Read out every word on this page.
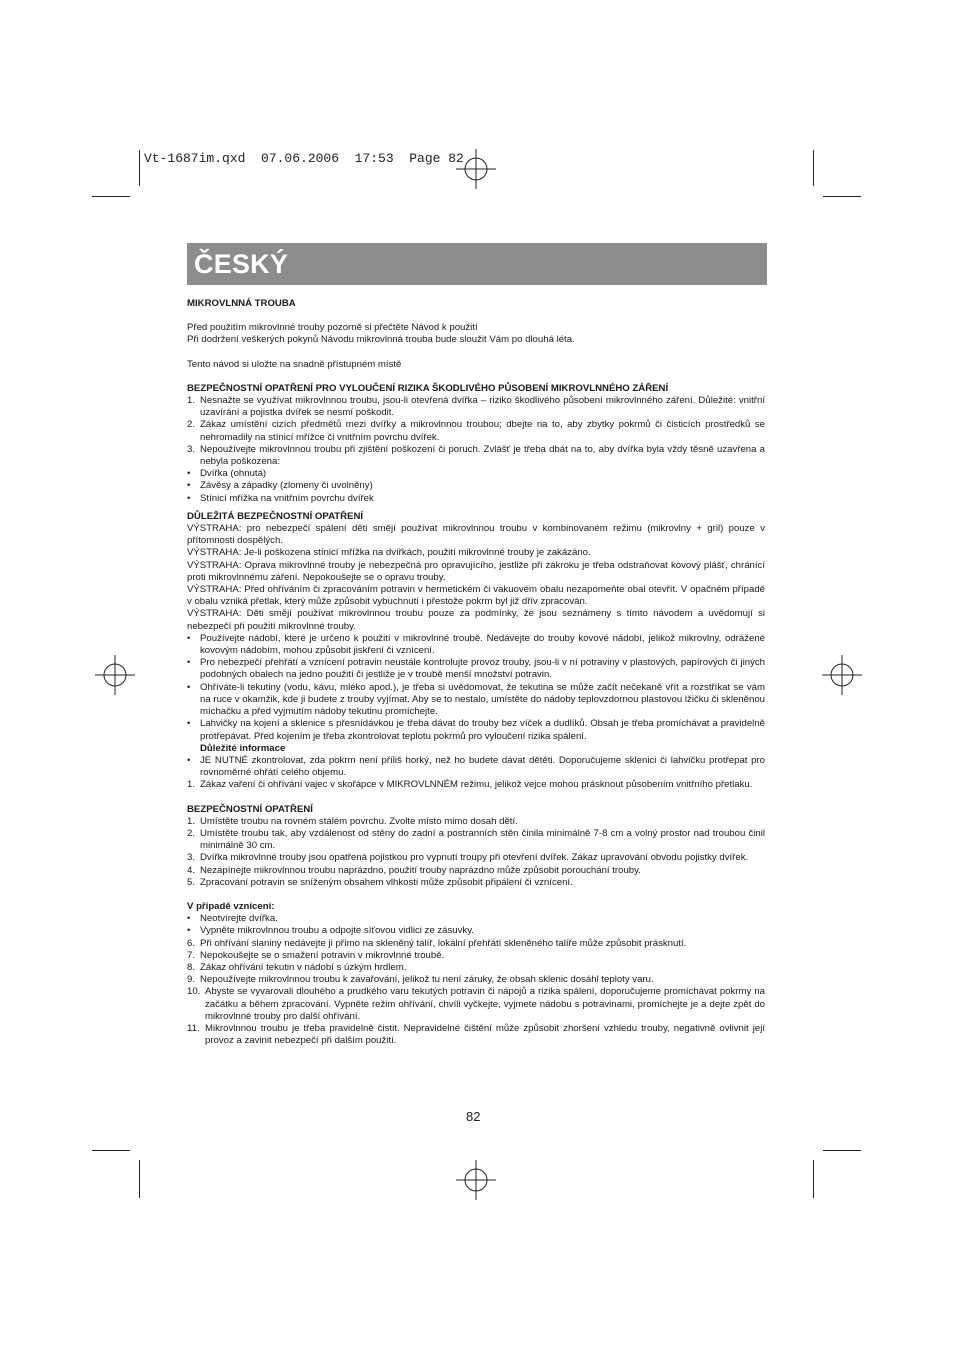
Vt-1687im.qxd  07.06.2006  17:53  Page 82
ČESKÝ

MIKROVLNNÁ TROUBA

Před použitím mikrovlnné trouby pozorně si přečtěte Návod k použití

Při dodržení veškerých pokynů Návodu mikrovlnná trouba bude sloužit Vám po dlouhá léta.

Tento návod si uložte na snadně přístupném místě

BEZPEČNOSTNÍ OPATŘENÍ PRO VYLOUČENÍ RIZIKA ŠKODLIVÉHO PŮSOBENÍ MIKROVLNNÉHO ZÁŘENÍ

1. Nesnažte se využívat mikrovlnnou troubu, jsou-li otevřená dvířka – riziko škodlivého působení mikrovlnného záření. Důležité: vnitřní uzavírání a pojistka dvířek se nesmí poškodit.
2. Zákaz umístění cizích předmětů mezi dvířky a mikrovlnnou troubou; dbejte na to, aby zbytky pokrmů či čisticích prostředků se nehromadily na stínicí mřížce či vnitřním povrchu dvířek.
3. Nepoužívejte mikrovlnnou troubu při zjištění poškození či poruch. Zvlášť je třeba dbát na to, aby dvířka byla vždy těsně uzavřena a nebyla poškozena:
•	Dvířka (ohnutá)
•	Závěsy a západky (zlomeny či uvolněny)
•	Stínicí mřížka na vnitřním povrchu dvířek

DŮLEŽITÁ BEZPEČNOSTNÍ OPATŘENÍ

VÝSTRAHA: pro nebezpečí spálení děti smějí používat mikrovlnnou troubu v kombinovaném režimu (mikrovlny + gril) pouze v přítomnosti dospělých.

VÝSTRAHA: Je-li poškozena stínicí mřížka na dvířkách, použití mikrovlnné trouby je zakázáno.

VÝSTRAHA: Oprava mikrovlnné trouby je nebezpečná pro opravujícího, jestliže při zákroku je třeba odstraňovat kovový plášť, chránící proti mikrovlnnému záření. Nepokoušejte se o opravu trouby.

VÝSTRAHA: Před ohříváním či zpracováním potravin v hermetickém či vakuovém obalu nezapomeňte obal otevřít. V opačném případě v obalu vzniká přetlak, který může způsobit vybuchnutí i přestože pokrm byl již dřív zpracován.

VÝSTRAHA: Děti smějí používat mikrovlnnou troubu pouze za podmínky, že jsou seznámeny s tímto návodem a uvědomují si nebezpečí při použití mikrovlnné trouby.

•	Používejte nádobí, které je určeno k použití v mikrovlnné troubě. Nedávejte do trouby kovové nádobí, jelikož mikrovlny, odrážené kovovým nádobím, mohou způsobit jiskření či vznícení.
•	Pro nebezpečí přehřátí a vznícení potravin neustále kontrolujte provoz trouby, jsou-li v ní potraviny v plastových, papírových či jiných podobných obalech na jedno použití či jestliže je v troubě menší množství potravin.
•	Ohříváte-li tekutiny (vodu, kávu, mléko apod.), je třeba si uvědomovat, že tekutina se může začít nečekaně vřít a rozstříkat se vám na ruce v okamžik, kde ji budete z trouby vyjímat. Aby se to nestalo, umístěte do nádoby teplovzdornou plastovou lžičku či skleněnou míchačku a před vyjmutím nádoby tekutinu promíchejte.
•	Lahvičky na kojení a sklenice s přesnídávkou je třeba dávat do trouby bez víček a dudlíků. Obsah je třeba promíchávat a pravidelně protřepávat. Před kojením je třeba zkontrolovat teplotu pokrmů pro vyloučení rizika spálení.
Důležité informace
•	JE NUTNÉ zkontrolovat, zda pokrm není příliš horký, než ho budete dávat dětěti. Doporučujeme sklenici či lahvičku protřepat pro rovnoměrné ohřátí celého objemu.
1. Zákaz vaření či ohřívání vajec v skořápce v MIKROVLNNÉM režimu, jelikož vejce mohou prásknout působením vnitřního přetlaku.

BEZPEČNOSTNÍ OPATŘENÍ

1. Umístěte troubu na rovném stálém povrchu. Zvolte místo mimo dosah dětí.
2. Umístěte troubu tak, aby vzdálenost od stěny do zadní a postranních stěn činila minimálně 7-8 cm a volný prostor nad troubou činil minimálně 30 cm.
3. Dvířka mikrovlnné trouby jsou opatřená pojistkou pro vypnutí troupy při otevření dvířek. Zákaz upravování obvodu pojistky dvířek.
4. Nezapínejte mikrovlnnou troubu naprázdno, použití trouby naprázdno může způsobit porouchání trouby.
5. Zpracování potravin se sníženým obsahem vlhkosti může způsobit připálení či vznícení.

V případě vznícení:

•	Neotvírejte dvířka.
•	Vypněte mikrovlnnou troubu a odpojte síťovou vidlici ze zásuvky.
6. Při ohřívání slaniny nedávejte ji přímo na skleněný talíř, lokální přehřátí skleněného talíře může způsobit prásknutí.
7. Nepokoušejte se o smažení potravin v mikrovlnné troubě.
8. Zákaz ohřívání tekutin v nádobí s úzkým hrdlem.
9. Nepoužívejte mikrovlnnou troubu k zavařování, jelikož tu není záruky, že obsah sklenic dosáhl teploty varu.
10. Abyste se vyvarovali dlouhého a prudkého varu tekutých potravin či nápojů a rizika spálení, doporučujeme promíchávat pokrmy na začátku a během zpracování. Vypněte režim ohřívání, chvíli vyčkejte, vyjmete nádobu s potravinami, promíchejte je a dejte zpět do mikrovlnné trouby pro další ohřívání.
11. Mikrovlnnou troubu je třeba pravidelně čistit. Nepravidelné čištění může způsobit zhoršení vzhledu trouby, negativně ovlivnit její provoz a zavinit nebezpečí při dalším použití.
82
